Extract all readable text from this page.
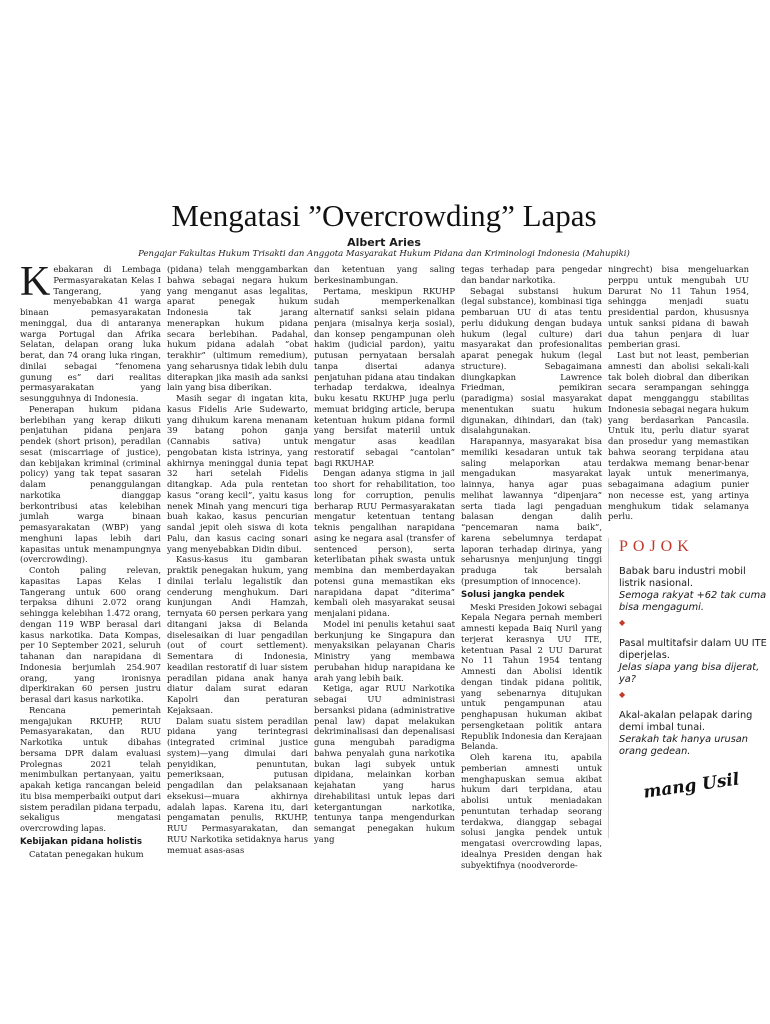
Mengatasi ”Overcrowding” Lapas
Albert Aries
Pengajar Fakultas Hukum Trisakti dan Anggota Masyarakat Hukum Pidana dan Kriminologi Indonesia (Mahupiki)

Kebakaran di Lembaga Permasyarakatan Kelas I Tangerang, yang menyebabkan 41 warga binaan pemasyarakatan meninggal, dua di antaranya warga Portugal dan Afrika Selatan, delapan orang luka berat, dan 74 orang luka ringan, dinilai sebagai ”fenomena gunung es” dari realitas permasyarakatan yang sesungguhnya di Indonesia.

Penerapan hukum pidana berlebihan yang kerap diikuti penjatuhan pidana penjara pendek (short prison), peradilan sesat (miscarriage of justice), dan kebijakan kriminal (criminal policy) yang tak tepat sasaran dalam penanggulangan narkotika dianggap berkontribusi atas kelebihan jumlah warga binaan pemasyarakatan (WBP) yang menghuni lapas lebih dari kapasitas untuk menampungnya (overcrowding).

Contoh paling relevan, kapasitas Lapas Kelas I Tangerang untuk 600 orang terpaksa dihuni 2.072 orang sehingga kelebihan 1.472 orang, dengan 119 WBP berasal dari kasus narkotika. Data Kompas, per 10 September 2021, seluruh tahanan dan narapidana di Indonesia berjumlah 254.907 orang, yang ironisnya diperkirakan 60 persen justru berasal dari kasus narkotika.

Rencana pemerintah mengajukan RKUHP, RUU Pemasyarakatan, dan RUU Narkotika untuk dibahas bersama DPR dalam evaluasi Prolegnas 2021 telah menimbulkan pertanyaan, yaitu apakah ketiga rancangan beleid itu bisa memperbaiki output dari sistem peradilan pidana terpadu, sekaligus mengatasi overcrowding lapas.

Kebijakan pidana holistis

Catatan penegakan hukum

(pidana) telah menggambarkan bahwa sebagai negara hukum yang menganut asas legalitas, aparat penegak hukum Indonesia tak jarang menerapkan hukum pidana secara berlebihan. Padahal, hukum pidana adalah ”obat terakhir” (ultimum remedium), yang seharusnya tidak lebih dulu diterapkan jika masih ada sanksi lain yang bisa diberikan.

Masih segar di ingatan kita, kasus Fidelis Arie Sudewarto, yang dihukum karena menanam 39 batang pohon ganja (Cannabis sativa) untuk pengobatan kista istrinya, yang akhirnya meninggal dunia tepat 32 hari setelah Fidelis ditangkap. Ada pula rentetan kasus ”orang kecil”, yaitu kasus nenek Minah yang mencuri tiga buah kakao, kasus pencurian sandal jepit oleh siswa di kota Palu, dan kasus cacing sonari yang menyebabkan Didin dibui.

Kasus-kasus itu gambaran praktik penegakan hukum, yang dinilai terlalu legalistik dan cenderung menghukum. Dari kunjungan Andi Hamzah, ternyata 60 persen perkara yang ditangani jaksa di Belanda diselesaikan di luar pengadilan (out of court settlement). Sementara di Indonesia, keadilan restoratif di luar sistem peradilan pidana anak hanya diatur dalam surat edaran Kapolri dan peraturan Kejaksaan.

Dalam suatu sistem peradilan pidana yang terintegrasi (integrated criminal justice system)—yang dimulai dari penyidikan, penuntutan, pemeriksaan, putusan pengadilan dan pelaksanaan eksekusi—muara akhirnya adalah lapas. Karena itu, dari pengamatan penulis, RKUHP, RUU Permasyarakatan, dan RUU Narkotika setidaknya harus memuat asas-asas

dan ketentuan yang saling berkesinambungan.

Pertama, meskipun RKUHP sudah memperkenalkan alternatif sanksi selain pidana penjara (misalnya kerja sosial), dan konsep pengampunan oleh hakim (judicial pardon), yaitu putusan pernyataan bersalah tanpa disertai adanya penjatuhan pidana atau tindakan terhadap terdakwa, idealnya buku kesatu RKUHP juga perlu memuat bridging article, berupa ketentuan hukum pidana formil yang bersifat materiil untuk mengatur asas keadilan restoratif sebagai ”cantolan” bagi RKUHAP.

Dengan adanya stigma in jail too short for rehabilitation, too long for corruption, penulis berharap RUU Permasyarakatan mengatur ketentuan tentang teknis pengalihan narapidana asing ke negara asal (transfer of sentenced person), serta keterlibatan pihak swasta untuk membina dan memberdayakan potensi guna memastikan eks narapidana dapat “diterima” kembali oleh masyarakat seusai menjalani pidana.

Model ini penulis ketahui saat berkunjung ke Singapura dan menyaksikan pelayanan Charis Ministry yang membawa perubahan hidup narapidana ke arah yang lebih baik.

Ketiga, agar RUU Narkotika sebagai UU administrasi bersanksi pidana (administrative penal law) dapat melakukan dekriminalisasi dan depenalisasi guna mengubah paradigma bahwa penyalah guna narkotika bukan lagi subyek untuk dipidana, melainkan korban kejahatan yang harus direhabilitasi untuk lepas dari ketergantungan narkotika, tentunya tanpa mengendurkan semangat penegakan hukum yang

tegas terhadap para pengedar dan bandar narkotika.

Sebagai substansi hukum (legal substance), kombinasi tiga pembaruan UU di atas tentu perlu didukung dengan budaya hukum (legal culture) dari masyarakat dan profesionalitas aparat penegak hukum (legal structure). Sebagaimana diungkapkan Lawrence Friedman, pemikiran (paradigma) sosial masyarakat menentukan suatu hukum digunakan, dihindari, dan (tak) disalahgunakan.

Harapannya, masyarakat bisa memiliki kesadaran untuk tak saling melaporkan atau mengadukan masyarakat lainnya, hanya agar puas melihat lawannya “dipenjara” serta tiada lagi pengaduan balasan dengan dalih “pencemaran nama baik”, karena sebelumnya terdapat laporan terhadap dirinya, yang seharusnya menjunjung tinggi praduga tak bersalah (presumption of innocence).

Solusi jangka pendek

Meski Presiden Jokowi sebagai Kepala Negara pernah memberi amnesti kepada Baiq Nuril yang terjerat kerasnya UU ITE, ketentuan Pasal 2 UU Darurat No 11 Tahun 1954 tentang Amnesti dan Abolisi identik dengan tindak pidana politik, yang sebenarnya ditujukan untuk pengampunan atau penghapusan hukuman akibat persengketaan politik antara Republik Indonesia dan Kerajaan Belanda.

Oleh karena itu, apabila pemberian amnesti untuk menghapuskan semua akibat hukum dari terpidana, atau abolisi untuk meniadakan penuntutan terhadap seorang terdakwa, dianggap sebagai solusi jangka pendek untuk mengatasi overcrowding lapas, idealnya Presiden dengan hak subyektifnya (noodverorde-

ningrecht) bisa mengeluarkan perppu untuk mengubah UU Darurat No 11 Tahun 1954, sehingga menjadi suatu presidential pardon, khususnya untuk sanksi pidana di bawah dua tahun penjara di luar pemberian grasi.

Last but not least, pemberian amnesti dan abolisi sekali-kali tak boleh diobral dan diberikan secara serampangan sehingga dapat mengganggu stabilitas Indonesia sebagai negara hukum yang berdasarkan Pancasila. Untuk itu, perlu diatur syarat dan prosedur yang memastikan bahwa seorang terpidana atau terdakwa memang benar-benar layak untuk menerimanya, sebagaimana adagium punier non necesse est, yang artinya menghukum tidak selamanya perlu.

POJOK
Babak baru industri mobil listrik nasional.
Semoga rakyat +62 tak cuma bisa mengagumi.
◆
Pasal multitafsir dalam UU ITE diperjelas.
Jelas siapa yang bisa dijerat, ya?
◆
Akal-akalan pelapak daring demi imbal tunai.
Serakah tak hanya urusan orang gedean.
mang Usil
